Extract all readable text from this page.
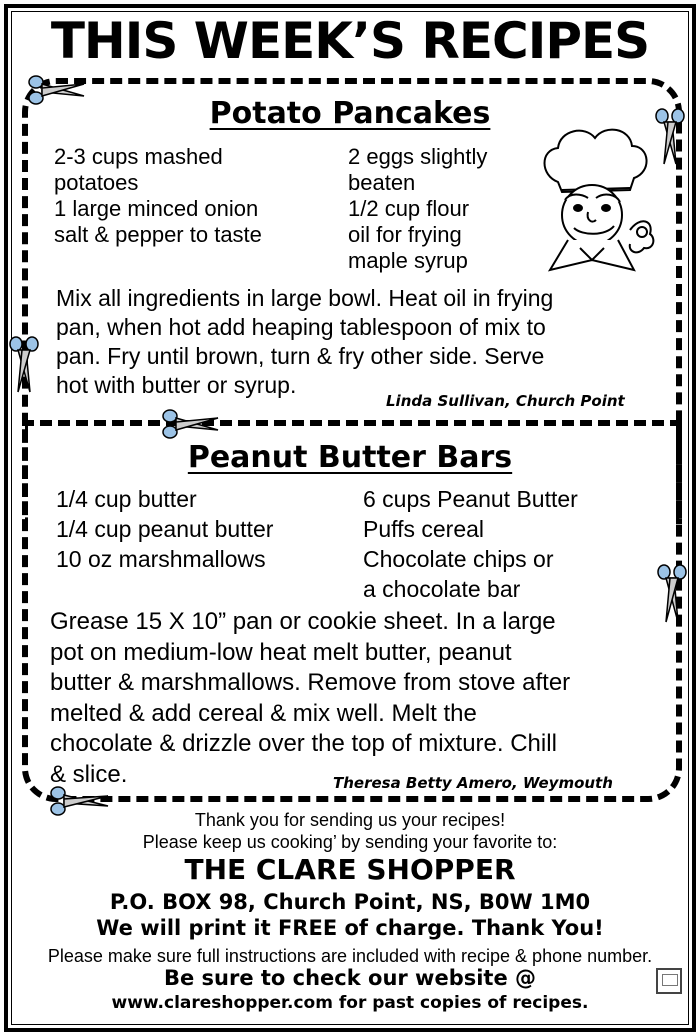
THIS WEEK’S RECIPES
Potato Pancakes
2-3 cups mashed
potatoes
1 large minced onion
salt & pepper to taste
2 eggs slightly
beaten
1/2 cup flour
oil for frying
maple syrup
Mix all ingredients in large bowl. Heat oil in frying
pan, when hot add heaping tablespoon of mix to
pan. Fry until brown, turn & fry other side. Serve
hot with butter or syrup.
Linda Sullivan, Church Point
Peanut Butter Bars
1/4 cup butter
1/4 cup peanut butter
10 oz marshmallows
6 cups Peanut Butter
Puffs cereal
Chocolate chips or
a chocolate bar
Grease 15 X 10” pan or cookie sheet. In a large
pot on medium-low heat melt butter, peanut
butter & marshmallows. Remove from stove after
melted & add cereal & mix well. Melt the
chocolate & drizzle over the top of mixture. Chill
& slice.	Theresa Betty Amero, Weymouth
Thank you for sending us your recipes!
Please keep us cooking’ by sending your favorite to:
THE CLARE SHOPPER
P.O. BOX 98, Church Point, NS, B0W 1M0
We will print it FREE of charge. Thank You!
Please make sure full instructions are included with recipe & phone number.
Be sure to check our website @
www.clareshopper.com for past copies of recipes.
